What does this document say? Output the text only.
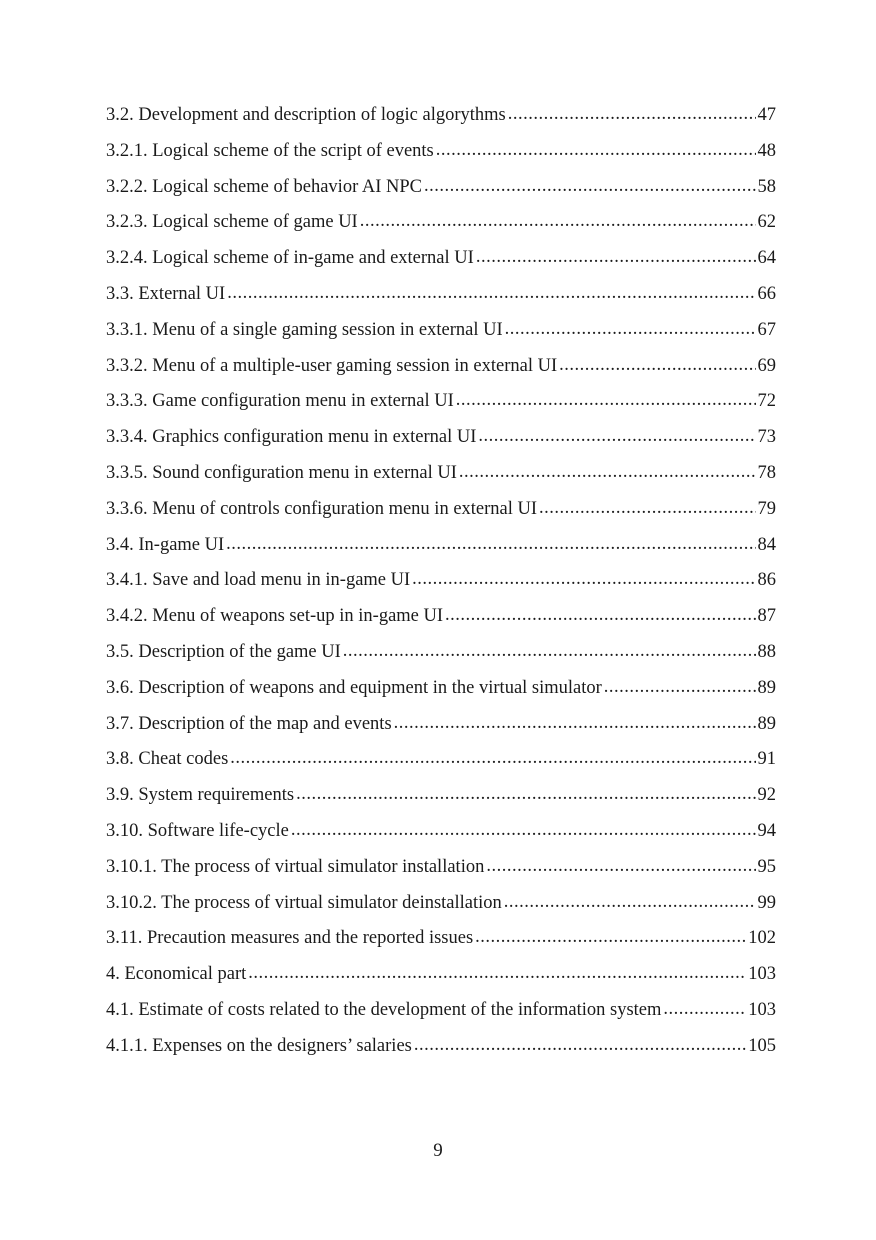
3.2. Development and description of logic algorythms .....	47
3.2.1. Logical scheme of the script of events .....	48
3.2.2. Logical scheme of behavior AI NPC .....	58
3.2.3. Logical scheme of game UI .....	62
3.2.4. Logical scheme of in-game and external UI .....	64
3.3. External UI .....	66
3.3.1. Menu of a single gaming session in external UI .....	67
3.3.2. Menu of a multiple-user gaming session in external UI .....	69
3.3.3. Game configuration menu in external UI .....	72
3.3.4. Graphics configuration menu in external UI .....	73
3.3.5. Sound configuration menu in external UI .....	78
3.3.6. Menu of controls configuration menu in external UI .....	79
3.4. In-game UI .....	84
3.4.1. Save and load menu in in-game UI .....	86
3.4.2. Menu of weapons set-up in in-game UI .....	87
3.5. Description of the game UI .....	88
3.6. Description of weapons and equipment in the virtual simulator .....	89
3.7. Description of the map and events .....	89
3.8. Cheat codes .....	91
3.9. System requirements .....	92
3.10. Software life-cycle .....	94
3.10.1. The process of virtual simulator installation .....	95
3.10.2. The process of virtual simulator deinstallation .....	99
3.11. Precaution measures and the reported issues .....	102
4. Economical part .....	103
4.1. Estimate of costs related to the development of the information system .....	103
4.1.1. Expenses on the designers’ salaries .....	105
9
